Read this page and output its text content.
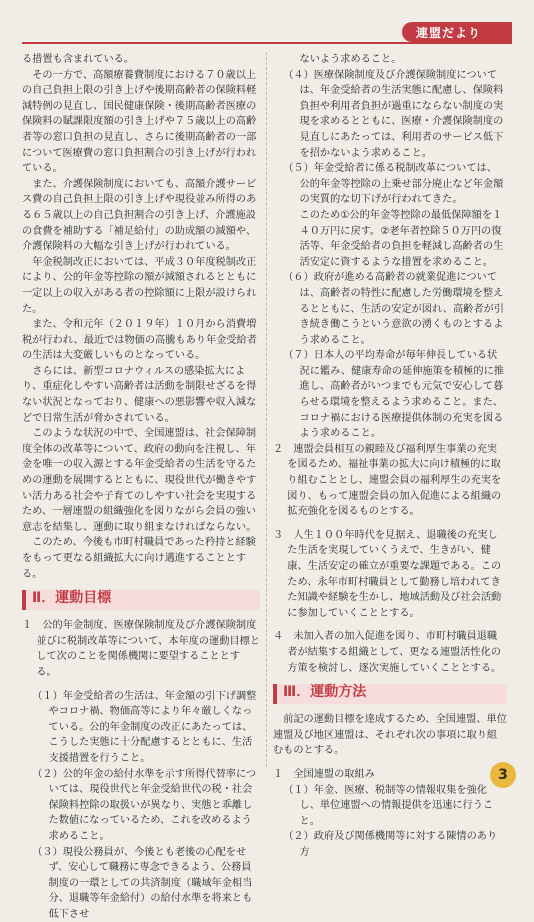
連盟だより

る措置も含まれている。

その一方で、高額療養費制度における７０歳以上の自己負担上限の引き上げや後期高齢者の保険料軽減特例の見直し、国民健康保険・後期高齢者医療の保険料の賦課限度額の引き上げや７５歳以上の高齢者等の窓口負担の見直し、さらに後期高齢者の一部について医療費の窓口負担割合の引き上げが行われている。

また、介護保険制度においても、高額介護サービス費の自己負担上限の引き上げや現役並み所得のある６５歳以上の自己負担割合の引き上げ、介護施設の食費を補助する「補足給付」の助成額の減額や、介護保険料の大幅な引き上げが行われている。

年金税制改正においては、平成３０年度税制改正により、公的年金等控除の額が減額されるとともに一定以上の収入がある者の控除額に上限が設けられた。

また、令和元年（２０１９年）１０月から消費増税が行われ、最近では物価の高騰もあり年金受給者の生活は大変厳しいものとなっている。

さらには、新型コロナウィルスの感染拡大により、重症化しやすい高齢者は活動を制限せざるを得ない状況となっており、健康への悪影響や収入減などで日常生活が脅かされている。

このような状況の中で、全国連盟は、社会保障制度全体の改革等について、政府の動向を注視し、年金を唯一の収入源とする年金受給者の生活を守るための運動を展開するとともに、現役世代が働きやすい活力ある社会や子育てのしやすい社会を実現するため、一層連盟の組織強化を図りながら会員の強い意志を結集し、運動に取り組まなければならない。

このため、今後も市町村職員であった矜持と経験をもって更なる組織拡大に向け邁進することとする。

Ⅱ．運動目標

１　公的年金制度、医療保険制度及び介護保険制度並びに税制改革等について、本年度の運動目標として次のことを関係機関に要望することとする。

（１）年金受給者の生活は、年金額の引下げ調整やコロナ禍、物価高等により年々厳しくなっている。公的年金制度の改正にあたっては、こうした実態に十分配慮するとともに、生活支援措置を行うこと。

（２）公的年金の給付水準を示す所得代替率については、現役世代と年金受給世代の税・社会保険料控除の取扱いが異なり、実態と乖離した数値になっているため、これを改めるよう求めること。

（３）現役公務員が、今後とも老後の心配をせず、安心して職務に専念できるよう、公務員制度の一環としての共済制度（職域年金相当分、退職等年金給付）の給付水準を将来とも低下させ

ないよう求めること。

（４）医療保険制度及び介護保険制度については、年金受給者の生活実態に配慮し、保険料負担や利用者負担が過重にならない制度の実現を求めるとともに、医療・介護保険制度の見直しにあたっては、利用者のサービス低下を招かないよう求めること。

（５）年金受給者に係る税制改革については、公的年金等控除の上乗せ部分廃止など年金額の実質的な切下げが行われてきた。

このため①公的年金等控除の最低保障額を１４０万円に戻す。②老年者控除５０万円の復活等、年金受給者の負担を軽減し高齢者の生活安定に資するような措置を求めること。

（６）政府が進める高齢者の就業促進については、高齢者の特性に配慮した労働環境を整えるとともに、生活の安定が図れ、高齢者が引き続き働こうという意欲の湧くものとするよう求めること。

（７）日本人の平均寿命が毎年伸長している状況に鑑み、健康寿命の延伸施策を積極的に推進し、高齢者がいつまでも元気で安心して暮らせる環境を整えるよう求めること。また、コロナ禍における医療提供体制の充実を図るよう求めること。

２　連盟会員相互の親睦及び福利厚生事業の充実を図るため、福祉事業の拡大に向け積極的に取り組むこととし、連盟会員の福利厚生の充実を図り、もって連盟会員の加入促進による組織の拡充強化を図るものとする。

３　人生１００年時代を見据え、退職後の充実した生活を実現していくうえで、生きがい、健康、生活安定の確立が重要な課題である。このため、永年市町村職員として勤務し培われてきた知識や経験を生かし、地域活動及び社会活動に参加していくこととする。

４　未加入者の加入促進を図り、市町村職員退職者が結集する組織として、更なる連盟活性化の方策を検討し、逐次実施していくこととする。

Ⅲ．運動方法

前記の運動目標を達成するため、全国連盟、単位連盟及び地区連盟は、それぞれ次の事項に取り組むものとする。

１　全国連盟の取組み

（１）年金、医療、税制等の情報収集を強化し、単位連盟への情報提供を迅速に行うこと。

（２）政府及び関係機関等に対する陳情のあり方

3
